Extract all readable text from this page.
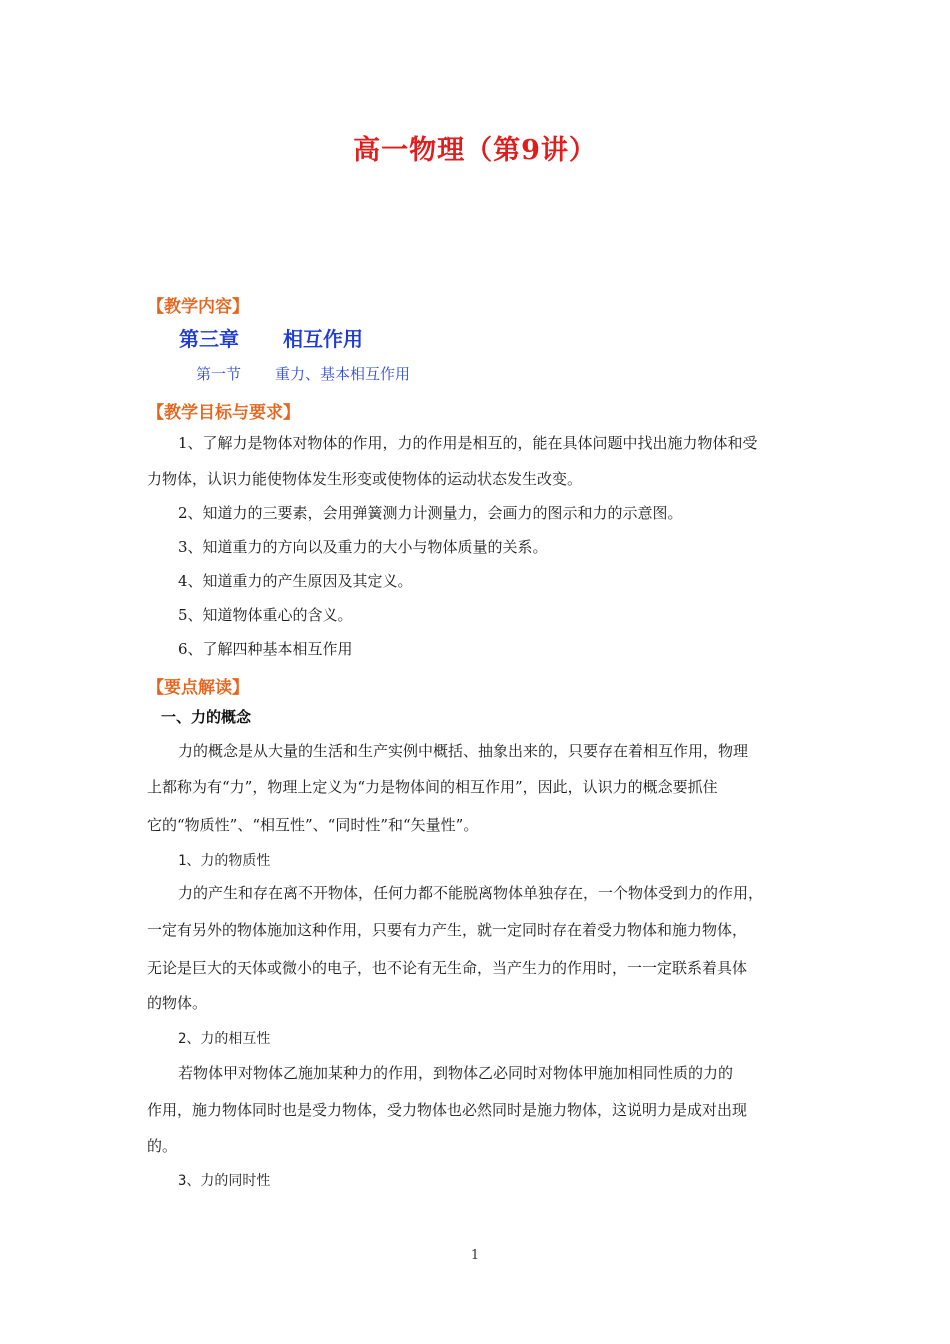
高一物理（第9讲）
【教学内容】
第三章 相互作用
第一节 重力、基本相互作用
【教学目标与要求】
1、了解力是物体对物体的作用，力的作用是相互的，能在具体问题中找出施力物体和受
力物体，认识力能使物体发生形变或使物体的运动状态发生改变。
2、知道力的三要素，会用弹簧测力计测量力，会画力的图示和力的示意图。
3、知道重力的方向以及重力的大小与物体质量的关系。
4、知道重力的产生原因及其定义。
5、知道物体重心的含义。
6、了解四种基本相互作用
【要点解读】
一、力的概念
力的概念是从大量的生活和生产实例中概括、抽象出来的，只要存在着相互作用，物理
上都称为有“力”，物理上定义为“力是物体间的相互作用”，因此，认识力的概念要抓住
它的“物质性”、“相互性”、“同时性”和“矢量性”。
1、力的物质性
力的产生和存在离不开物体，任何力都不能脱离物体单独存在，一个物体受到力的作用，
一定有另外的物体施加这种作用，只要有力产生，就一定同时存在着受力物体和施力物体，
无论是巨大的天体或微小的电子，也不论有无生命，当产生力的作用时，一一定联系着具体
的物体。
2、力的相互性
若物体甲对物体乙施加某种力的作用，到物体乙必同时对物体甲施加相同性质的力的
作用，施力物体同时也是受力物体，受力物体也必然同时是施力物体，这说明力是成对出现
的。
3、力的同时性
1
